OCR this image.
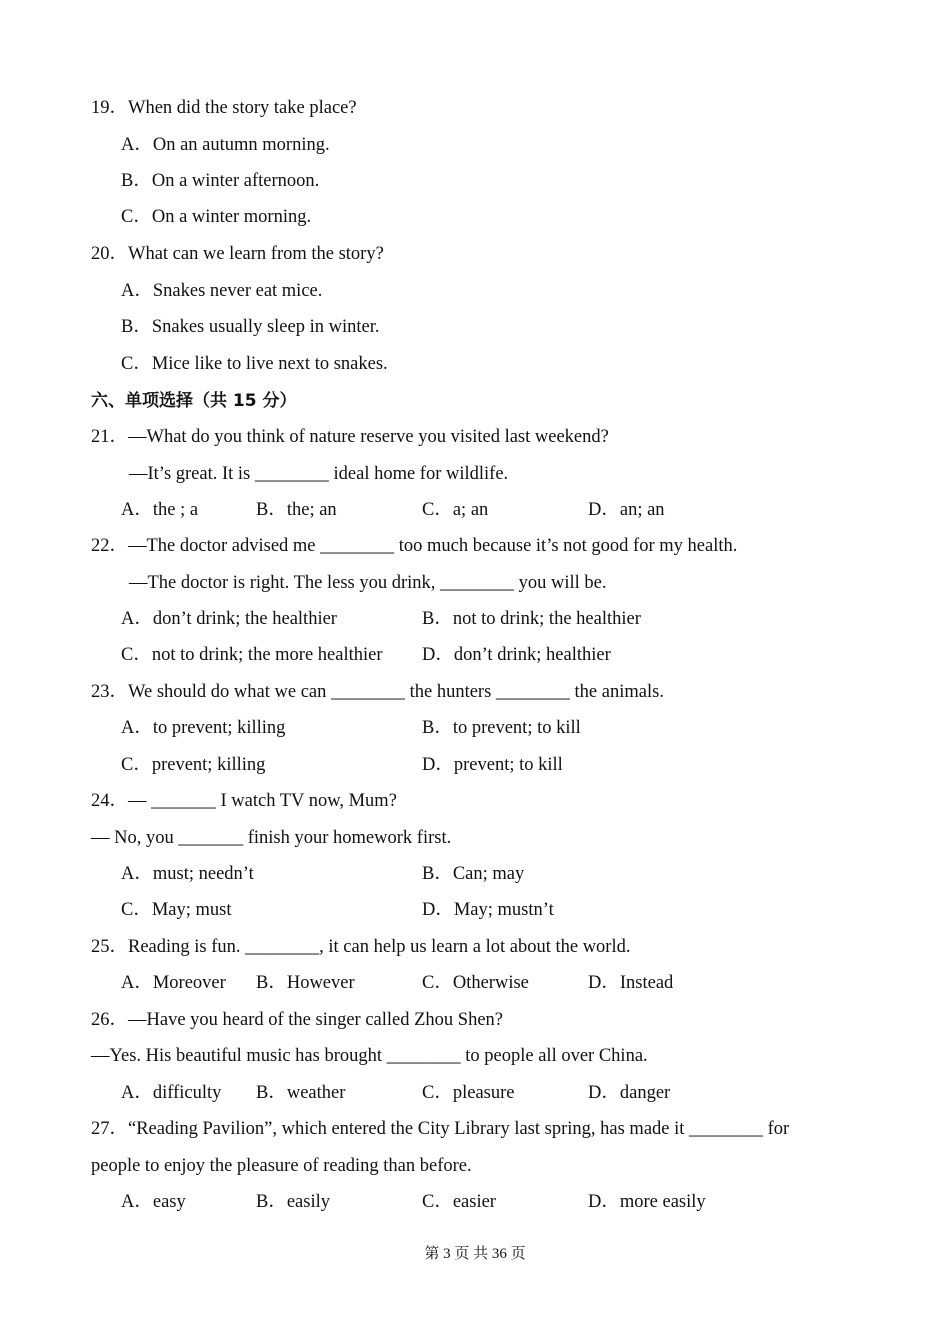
19．When did the story take place?
A．On an autumn morning.
B．On a winter afternoon.
C．On a winter morning.
20．What can we learn from the story?
A．Snakes never eat mice.
B．Snakes usually sleep in winter.
C．Mice like to live next to snakes.
六、单项选择（共 15 分）
21．—What do you think of nature reserve you visited last weekend?
—It’s great. It is ________ ideal home for wildlife.
A．the ; a	B．the; an	C．a; an	D．an; an
22．—The doctor advised me ________ too much because it’s not good for my health.
—The doctor is right. The less you drink, ________ you will be.
A．don’t drink; the healthier	B．not to drink; the healthier
C．not to drink; the more healthier D．don’t drink; healthier
23．We should do what we can ________ the hunters ________ the animals.
A．to prevent; killing	B．to prevent; to kill
C．prevent; killing	D．prevent; to kill
24．— _______ I watch TV now, Mum?
— No, you _______ finish your homework first.
A．must; needn’t	B．Can; may
C．May; must	D．May; mustn’t
25．Reading is fun. ________, it can help us learn a lot about the world.
A．Moreover B．However	C．Otherwise	D．Instead
26．—Have you heard of the singer called Zhou Shen?
—Yes. His beautiful music has brought ________ to people all over China.
A．difficulty B．weather	C．pleasure	D．danger
27．“Reading Pavilion”, which entered the City Library last spring, has made it ________ for
people to enjoy the pleasure of reading than before.
A．easy	B．easily	C．easier	D．more easily
第 3 页 共 36 页
